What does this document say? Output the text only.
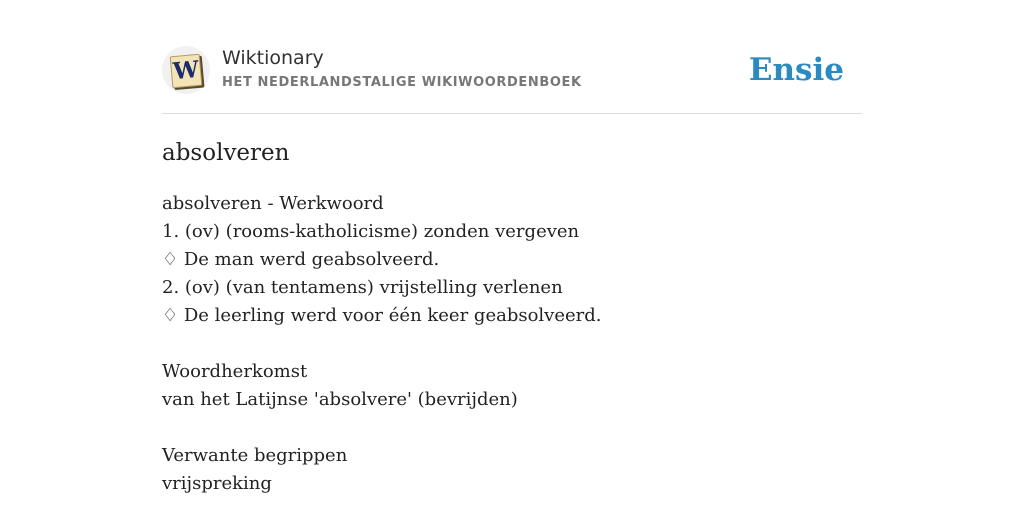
W Wiktionary
HET NEDERLANDSTALIGE WIKIWOORDENBOEK	Ensie
absolveren
absolveren - Werkwoord
1. (ov) (rooms-katholicisme) zonden vergeven
♢ De man werd geabsolveerd.
2. (ov) (van tentamens) vrijstelling verlenen
♢ De leerling werd voor één keer geabsolveerd.
Woordherkomst
van het Latijnse 'absolvere' (bevrijden)
Verwante begrippen
vrijspreking
